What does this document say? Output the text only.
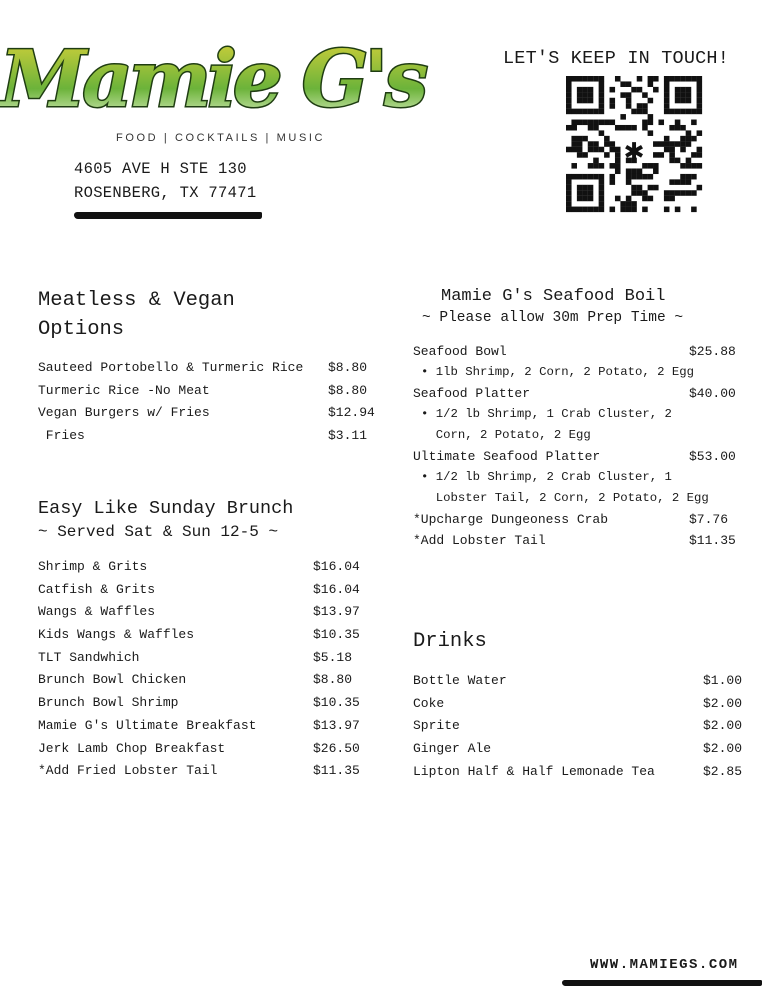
Mamie G's
FOOD | COCKTAILS | MUSIC
4605 AVE H STE 130
ROSENBERG, TX 77471
LET'S KEEP IN TOUCH!
✱
Meatless & Vegan
Options
Sauteed Portobello & Turmeric Rice $8.80
Turmeric Rice -No Meat	$8.80
Vegan Burgers w/ Fries	$12.94
Fries	$3.11
Easy Like Sunday Brunch
~ Served Sat & Sun 12-5 ~
Shrimp & Grits	$16.04
Catfish & Grits	$16.04
Wangs & Waffles	$13.97
Kids Wangs & Waffles	$10.35
TLT Sandwhich	$5.18
Brunch Bowl Chicken	$8.80
Brunch Bowl Shrimp	$10.35
Mamie G's Ultimate Breakfast	$13.97
Jerk Lamb Chop Breakfast	$26.50
*Add Fried Lobster Tail	$11.35
Mamie G's Seafood Boil
~ Please allow 30m Prep Time ~
Seafood Bowl	$25.88
• 1lb Shrimp, 2 Corn, 2 Potato, 2 Egg
Seafood Platter	$40.00
• 1/2 lb Shrimp, 1 Crab Cluster, 2
Corn, 2 Potato, 2 Egg
Ultimate Seafood Platter	$53.00
• 1/2 lb Shrimp, 2 Crab Cluster, 1
Lobster Tail, 2 Corn, 2 Potato, 2 Egg
*Upcharge Dungeoness Crab	$7.76
*Add Lobster Tail	$11.35
Drinks
Bottle Water	$1.00
Coke	$2.00
Sprite	$2.00
Ginger Ale	$2.00
Lipton Half & Half Lemonade Tea	$2.85
WWW.MAMIEGS.COM
